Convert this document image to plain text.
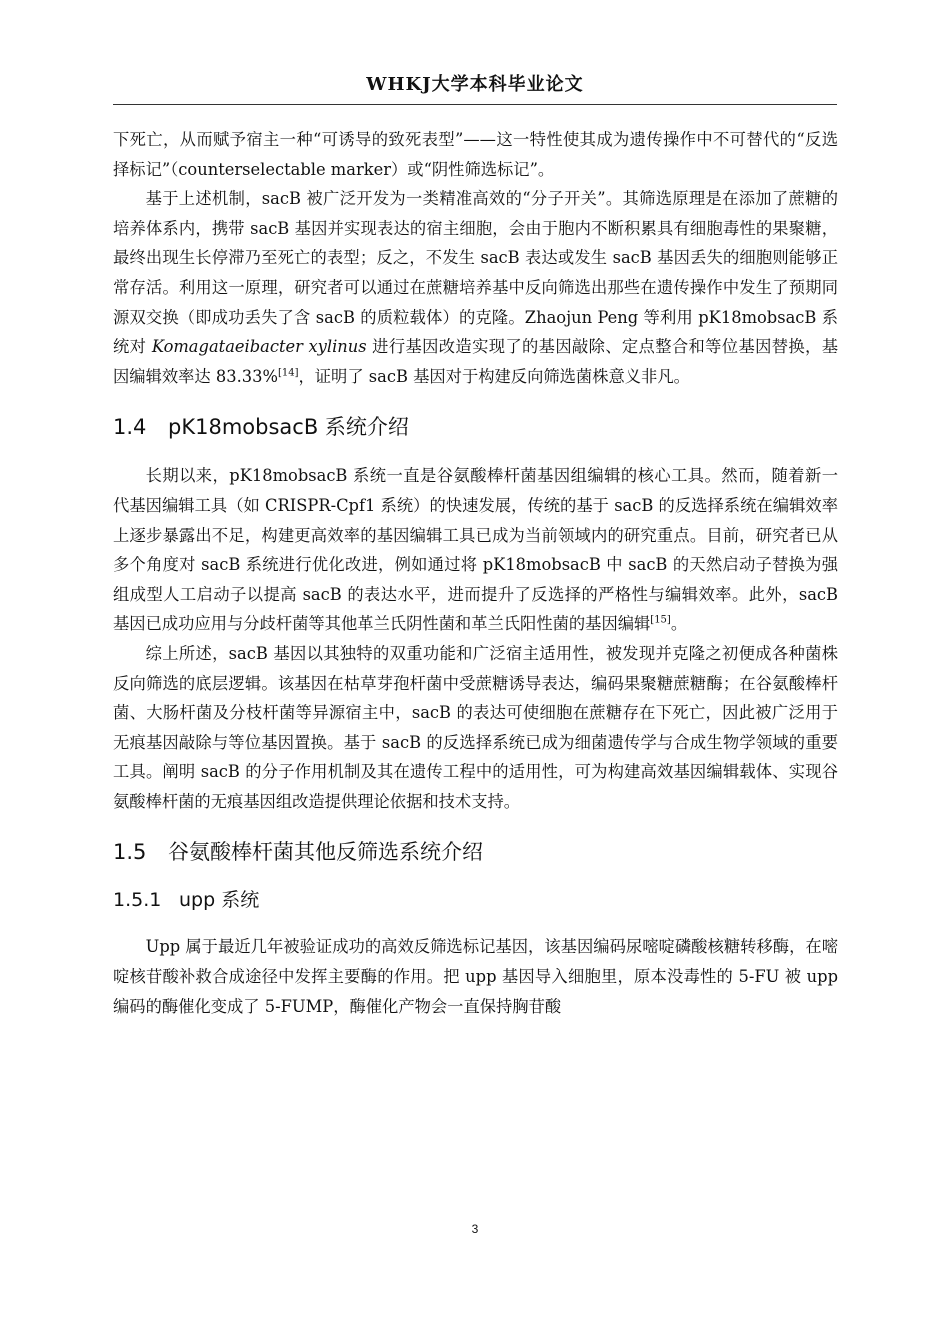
WHKJ大学本科毕业论文

下死亡，从而赋予宿主一种“可诱导的致死表型”——这一特性使其成为遗传操作中不可替代的“反选择标记”（counterselectable marker）或“阴性筛选标记”。

基于上述机制，sacB 被广泛开发为一类精准高效的“分子开关”。其筛选原理是在添加了蔗糖的培养体系内，携带 sacB 基因并实现表达的宿主细胞，会由于胞内不断积累具有细胞毒性的果聚糖，最终出现生长停滞乃至死亡的表型；反之，不发生 sacB 表达或发生 sacB 基因丢失的细胞则能够正常存活。利用这一原理，研究者可以通过在蔗糖培养基中反向筛选出那些在遗传操作中发生了预期同源双交换（即成功丢失了含 sacB 的质粒载体）的克隆。Zhaojun Peng 等利用 pK18mobsacB 系统对 Komagataeibacter xylinus 进行基因改造实现了的基因敲除、定点整合和等位基因替换，基因编辑效率达 83.33%[14]，证明了 sacB 基因对于构建反向筛选菌株意义非凡。

1.4 pK18mobsacB 系统介绍

长期以来，pK18mobsacB 系统一直是谷氨酸棒杆菌基因组编辑的核心工具。然而，随着新一代基因编辑工具（如 CRISPR-Cpf1 系统）的快速发展，传统的基于 sacB 的反选择系统在编辑效率上逐步暴露出不足，构建更高效率的基因编辑工具已成为当前领域内的研究重点。目前，研究者已从多个角度对 sacB 系统进行优化改进，例如通过将 pK18mobsacB 中 sacB 的天然启动子替换为强组成型人工启动子以提高 sacB 的表达水平，进而提升了反选择的严格性与编辑效率。此外，sacB 基因已成功应用与分歧杆菌等其他革兰氏阴性菌和革兰氏阳性菌的基因编辑[15]。

综上所述，sacB 基因以其独特的双重功能和广泛宿主适用性，被发现并克隆之初便成各种菌株反向筛选的底层逻辑。该基因在枯草芽孢杆菌中受蔗糖诱导表达，编码果聚糖蔗糖酶；在谷氨酸棒杆菌、大肠杆菌及分枝杆菌等异源宿主中，sacB 的表达可使细胞在蔗糖存在下死亡，因此被广泛用于无痕基因敲除与等位基因置换。基于 sacB 的反选择系统已成为细菌遗传学与合成生物学领域的重要工具。阐明 sacB 的分子作用机制及其在遗传工程中的适用性，可为构建高效基因编辑载体、实现谷氨酸棒杆菌的无痕基因组改造提供理论依据和技术支持。

1.5 谷氨酸棒杆菌其他反筛选系统介绍
1.5.1 upp 系统

Upp 属于最近几年被验证成功的高效反筛选标记基因，该基因编码尿嘧啶磷酸核糖转移酶，在嘧啶核苷酸补救合成途径中发挥主要酶的作用。把 upp 基因导入细胞里，原本没毒性的 5-FU 被 upp 编码的酶催化变成了 5-FUMP，酶催化产物会一直保持胸苷酸

3
